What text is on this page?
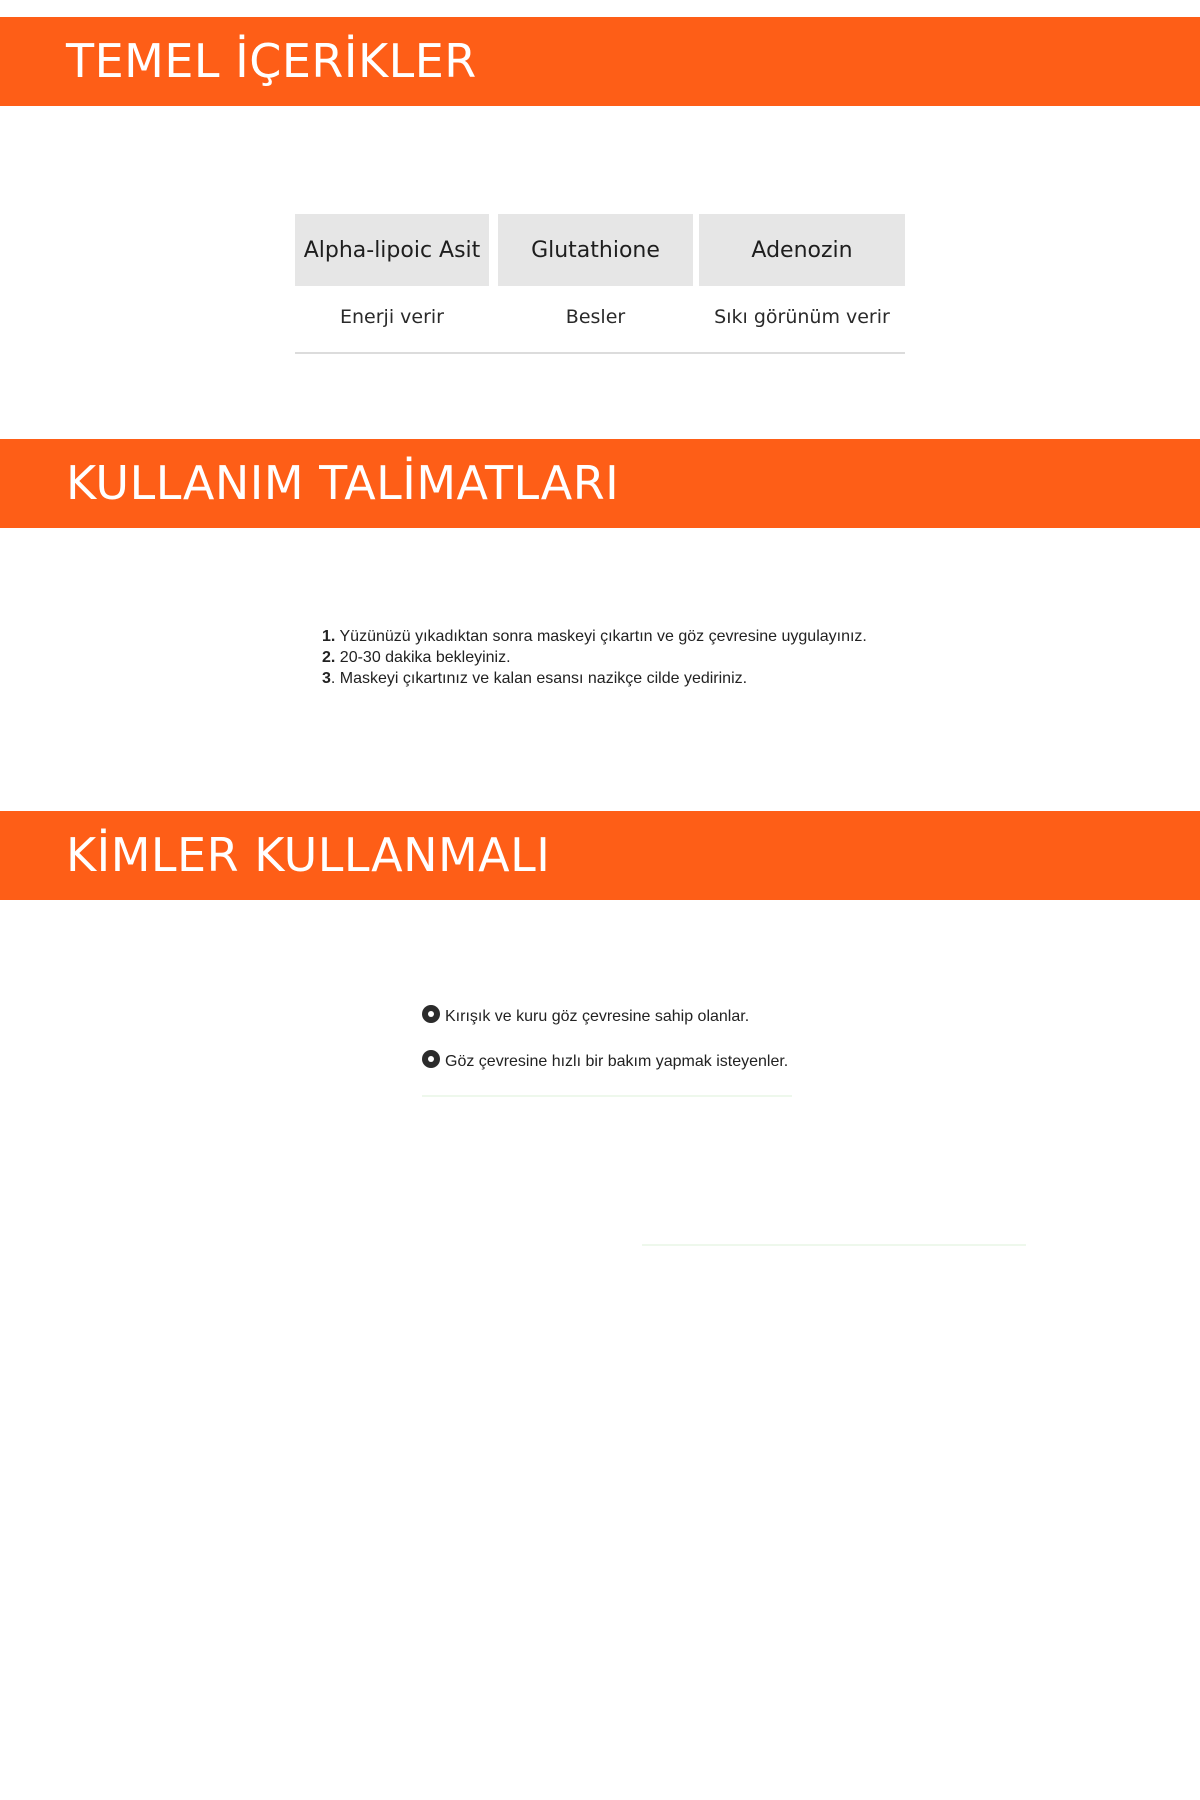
TEMEL İÇERİKLER
Alpha-lipoic Asit
Enerji verir
Glutathione
Besler
Adenozin
Sıkı görünüm verir
KULLANIM TALİMATLARI
1. Yüzünüzü yıkadıktan sonra maskeyi çıkartın ve göz çevresine uygulayınız.
2. 20-30 dakika bekleyiniz.
3. Maskeyi çıkartınız ve kalan esansı nazikçe cilde yediriniz.
KİMLER KULLANMALI
Kırışık ve kuru göz çevresine sahip olanlar.
Göz çevresine hızlı bir bakım yapmak isteyenler.
